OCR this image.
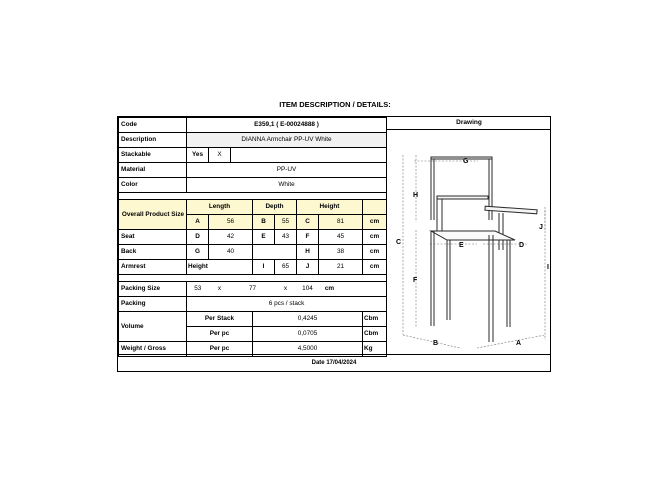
ITEM DESCRIPTION / DETAILS:
Code	E359,1 ( E-00024888 )								
Description	DIANNA Armchair PP-UV White								
Stackable	Yes	X							
Material	PP-UV								
Color	White								

Overall Product Size	Length			Depth		Height			
	A	56		B	55	C	81		cm
Seat	D	42		E	43	F	45		cm
Back	G	40				H	38		cm
Armrest	Height			I	65	J	21		cm

Packing Size	53	x	77		x	104	cm		
Packing	6 pcs / stack								
Volume	Per Stack			0,4245					Cbm
	Per pc			0,0705					Cbm
Weight / Gross	Per pc			4,5000					Kg
Drawing
G
H
C
F
E	D
J
I
B	A
Date 17/04/2024
